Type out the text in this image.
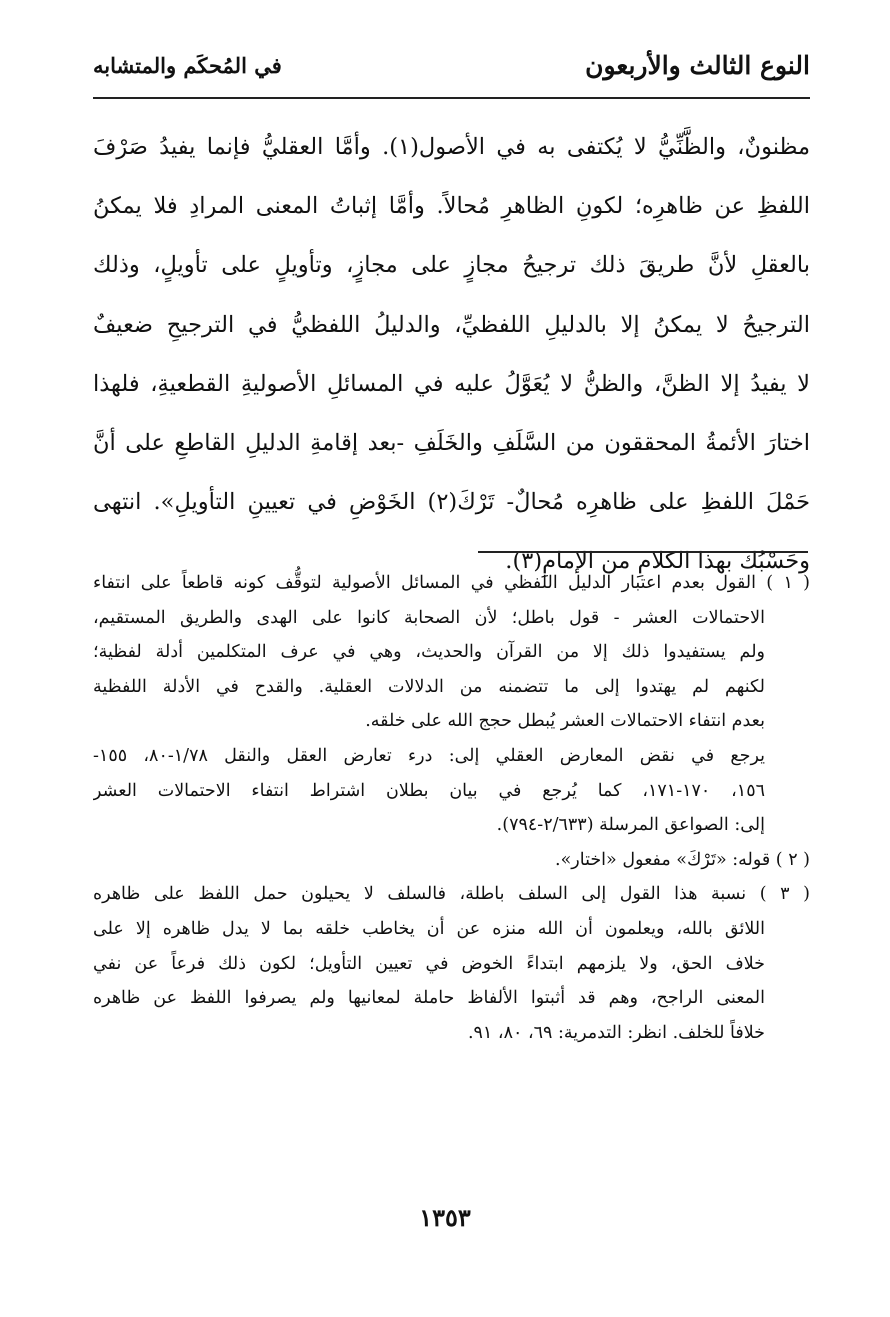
النوع الثالث والأربعون
في المُحكَم والمتشابه
مظنونٌ، والظَّنِّيُّ لا يُكتفى به في الأصول(١). وأمَّا العقليُّ فإنما يفيدُ صَرْفَ
اللفظِ عن ظاهرِه؛ لكونِ الظاهرِ مُحالاً. وأمَّا إثباتُ المعنى المرادِ فلا يمكنُ
بالعقلِ لأنَّ طريقَ ذلك ترجيحُ مجازٍ على مجازٍ، وتأويلٍ على تأويلٍ، وذلك
الترجيحُ لا يمكنُ إلا بالدليلِ اللفظيِّ، والدليلُ اللفظيُّ في الترجيحِ ضعيفٌ
لا يفيدُ إلا الظنَّ، والظنُّ لا يُعَوَّلُ عليه في المسائلِ الأصوليةِ القطعيةِ، فلهذا
اختارَ الأئمةُ المحققون من السَّلَفِ والخَلَفِ -بعد إقامةِ الدليلِ القاطعِ على أنَّ
حَمْلَ اللفظِ على ظاهرِه مُحالٌ- تَرْكَ(٢) الخَوْضِ في تعيينِ التأويلِ». انتهى
وحَسْبُك بهذا الكلامِ من الإمامِ(٣).
( ١ ) القول بعدم اعتبار الدليل اللفظي في المسائل الأصولية لتوقُّف كونه قاطعاً على انتفاء
الاحتمالات العشر - قول باطل؛ لأن الصحابة كانوا على الهدى والطريق المستقيم،
ولم يستفيدوا ذلك إلا من القرآن والحديث، وهي في عرف المتكلمين أدلة لفظية؛
لكنهم لم يهتدوا إلى ما تتضمنه من الدلالات العقلية. والقدح في الأدلة اللفظية
بعدم انتفاء الاحتمالات العشر يُبطل حجج الله على خلقه.
يرجع في نقض المعارض العقلي إلى: درء تعارض العقل والنقل ١/٧٨-٨٠، ١٥٥-
١٥٦، ١٧٠-١٧١، كما يُرجع في بيان بطلان اشتراط انتفاء الاحتمالات العشر
إلى: الصواعق المرسلة (٢/٦٣٣-٧٩٤).
( ٢ ) قوله: «تَرْكَ» مفعول «اختار».
( ٣ ) نسبة هذا القول إلى السلف باطلة، فالسلف لا يحيلون حمل اللفظ على ظاهره
اللائق بالله، ويعلمون أن الله منزه عن أن يخاطب خلقه بما لا يدل ظاهره إلا على
خلاف الحق، ولا يلزمهم ابتداءً الخوض في تعيين التأويل؛ لكون ذلك فرعاً عن نفي
المعنى الراجح، وهم قد أثبتوا الألفاظ حاملة لمعانيها ولم يصرفوا اللفظ عن ظاهره
خلافاً للخلف. انظر: التدمرية: ٦٩، ٨٠، ٩١.
١٣٥٣
